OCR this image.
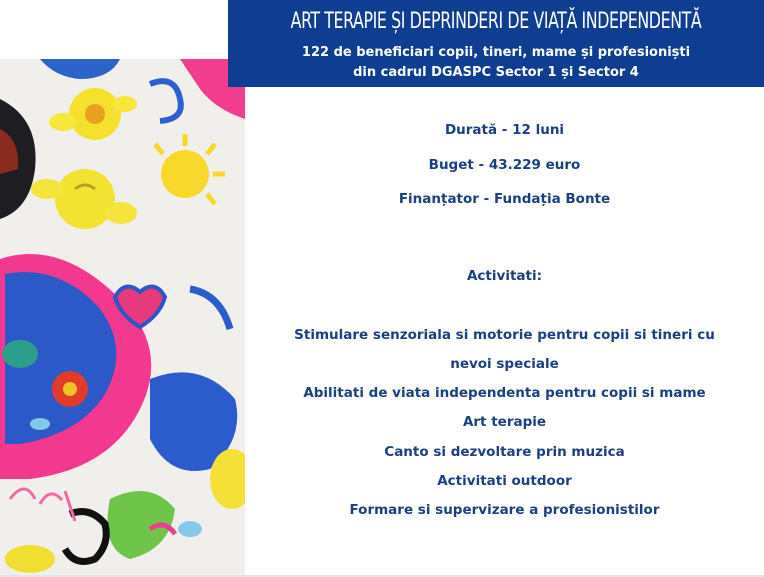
ART TERAPIE ȘI DEPRINDERI DE VIAȚĂ INDEPENDENTĂ
122 de beneficiari copii, tineri, mame și profesioniști
din cadrul DGASPC Sector 1 și Sector 4
Durată - 12 luni
Buget - 43.229 euro
Finanțator - Fundația Bonte
Activitati:
Stimulare senzoriala si motorie pentru copii si tineri cu
nevoi speciale
Abilitati de viata independenta pentru copii si mame
Art terapie
Canto si dezvoltare prin muzica
Activitati outdoor
Formare si supervizare a profesionistilor
